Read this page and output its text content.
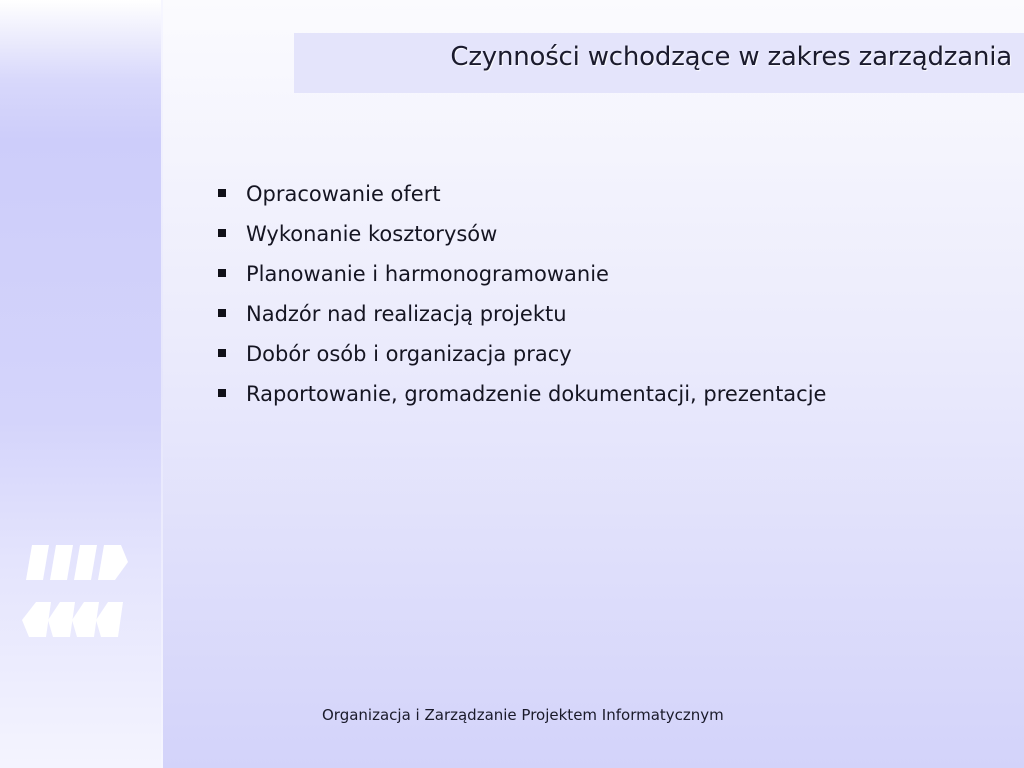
Czynności wchodzące w zakres zarządzania
Opracowanie ofert
Wykonanie kosztorysów
Planowanie i harmonogramowanie
Nadzór nad realizacją projektu
Dobór osób i organizacja pracy
Raportowanie, gromadzenie dokumentacji, prezentacje
Organizacja i Zarządzanie Projektem Informatycznym
